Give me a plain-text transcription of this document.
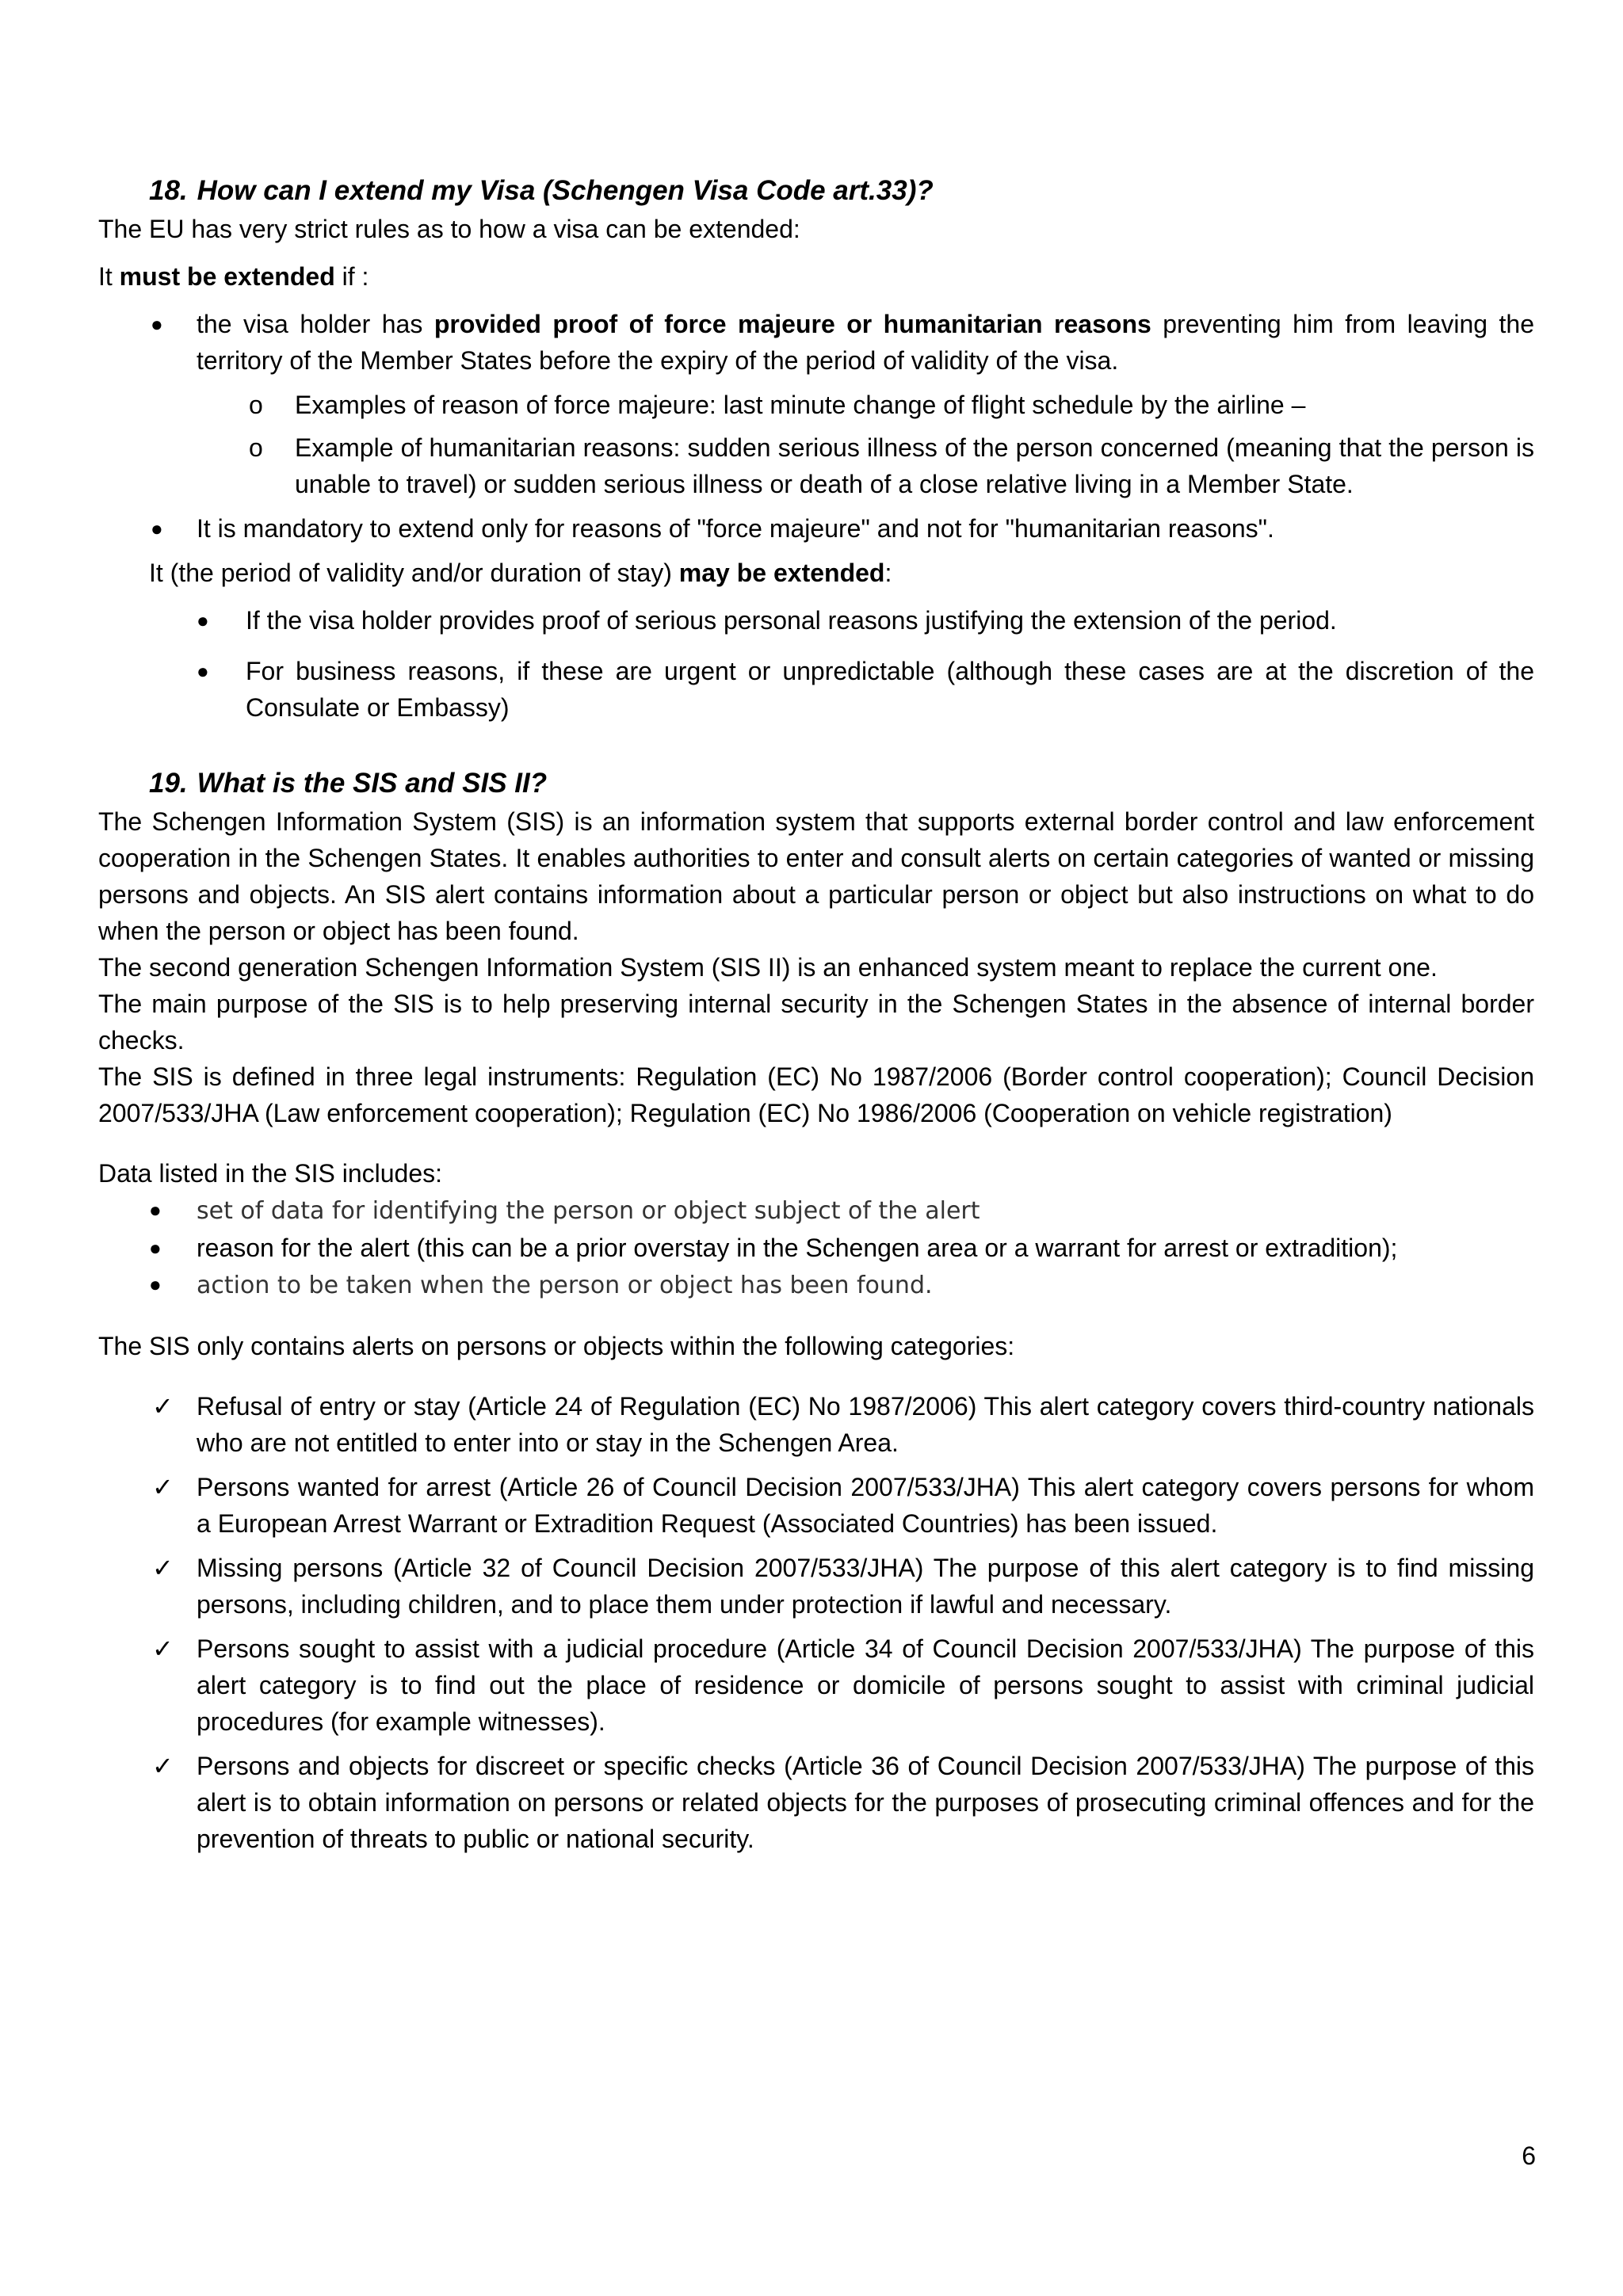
18. How can I extend my Visa (Schengen Visa Code art.33)?

The EU has very strict rules as to how a visa can be extended:

It must be extended if :

● the visa holder has provided proof of force majeure or humanitarian reasons preventing him from leaving the territory of the Member States before the expiry of the period of validity of the visa.
o Examples of reason of force majeure: last minute change of flight schedule by the airline –
o Example of humanitarian reasons: sudden serious illness of the person concerned (meaning that the person is unable to travel) or sudden serious illness or death of a close relative living in a Member State.
● It is mandatory to extend only for reasons of "force majeure" and not for "humanitarian reasons".

It (the period of validity and/or duration of stay) may be extended:

● If the visa holder provides proof of serious personal reasons justifying the extension of the period.
● For business reasons, if these are urgent or unpredictable (although these cases are at the discretion of the Consulate or Embassy)
19. What is the SIS and SIS II?

The Schengen Information System (SIS) is an information system that supports external border control and law enforcement cooperation in the Schengen States. It enables authorities to enter and consult alerts on certain categories of wanted or missing persons and objects. An SIS alert contains information about a particular person or object but also instructions on what to do when the person or object has been found.

The second generation Schengen Information System (SIS II) is an enhanced system meant to replace the current one.

The main purpose of the SIS is to help preserving internal security in the Schengen States in the absence of internal border checks.

The SIS is defined in three legal instruments: Regulation (EC) No 1987/2006 (Border control cooperation); Council Decision 2007/533/JHA (Law enforcement cooperation); Regulation (EC) No 1986/2006 (Cooperation on vehicle registration)

Data listed in the SIS includes:

● set of data for identifying the person or object subject of the alert
● reason for the alert (this can be a prior overstay in the Schengen area or a warrant for arrest or extradition);
● action to be taken when the person or object has been found.

The SIS only contains alerts on persons or objects within the following categories:

✓ Refusal of entry or stay (Article 24 of Regulation (EC) No 1987/2006) This alert category covers third-country nationals who are not entitled to enter into or stay in the Schengen Area.
✓ Persons wanted for arrest (Article 26 of Council Decision 2007/533/JHA) This alert category covers persons for whom a European Arrest Warrant or Extradition Request (Associated Countries) has been issued.
✓ Missing persons (Article 32 of Council Decision 2007/533/JHA) The purpose of this alert category is to find missing persons, including children, and to place them under protection if lawful and necessary.
✓ Persons sought to assist with a judicial procedure (Article 34 of Council Decision 2007/533/JHA) The purpose of this alert category is to find out the place of residence or domicile of persons sought to assist with criminal judicial procedures (for example witnesses).
✓ Persons and objects for discreet or specific checks (Article 36 of Council Decision 2007/533/JHA) The purpose of this alert is to obtain information on persons or related objects for the purposes of prosecuting criminal offences and for the prevention of threats to public or national security.
6
